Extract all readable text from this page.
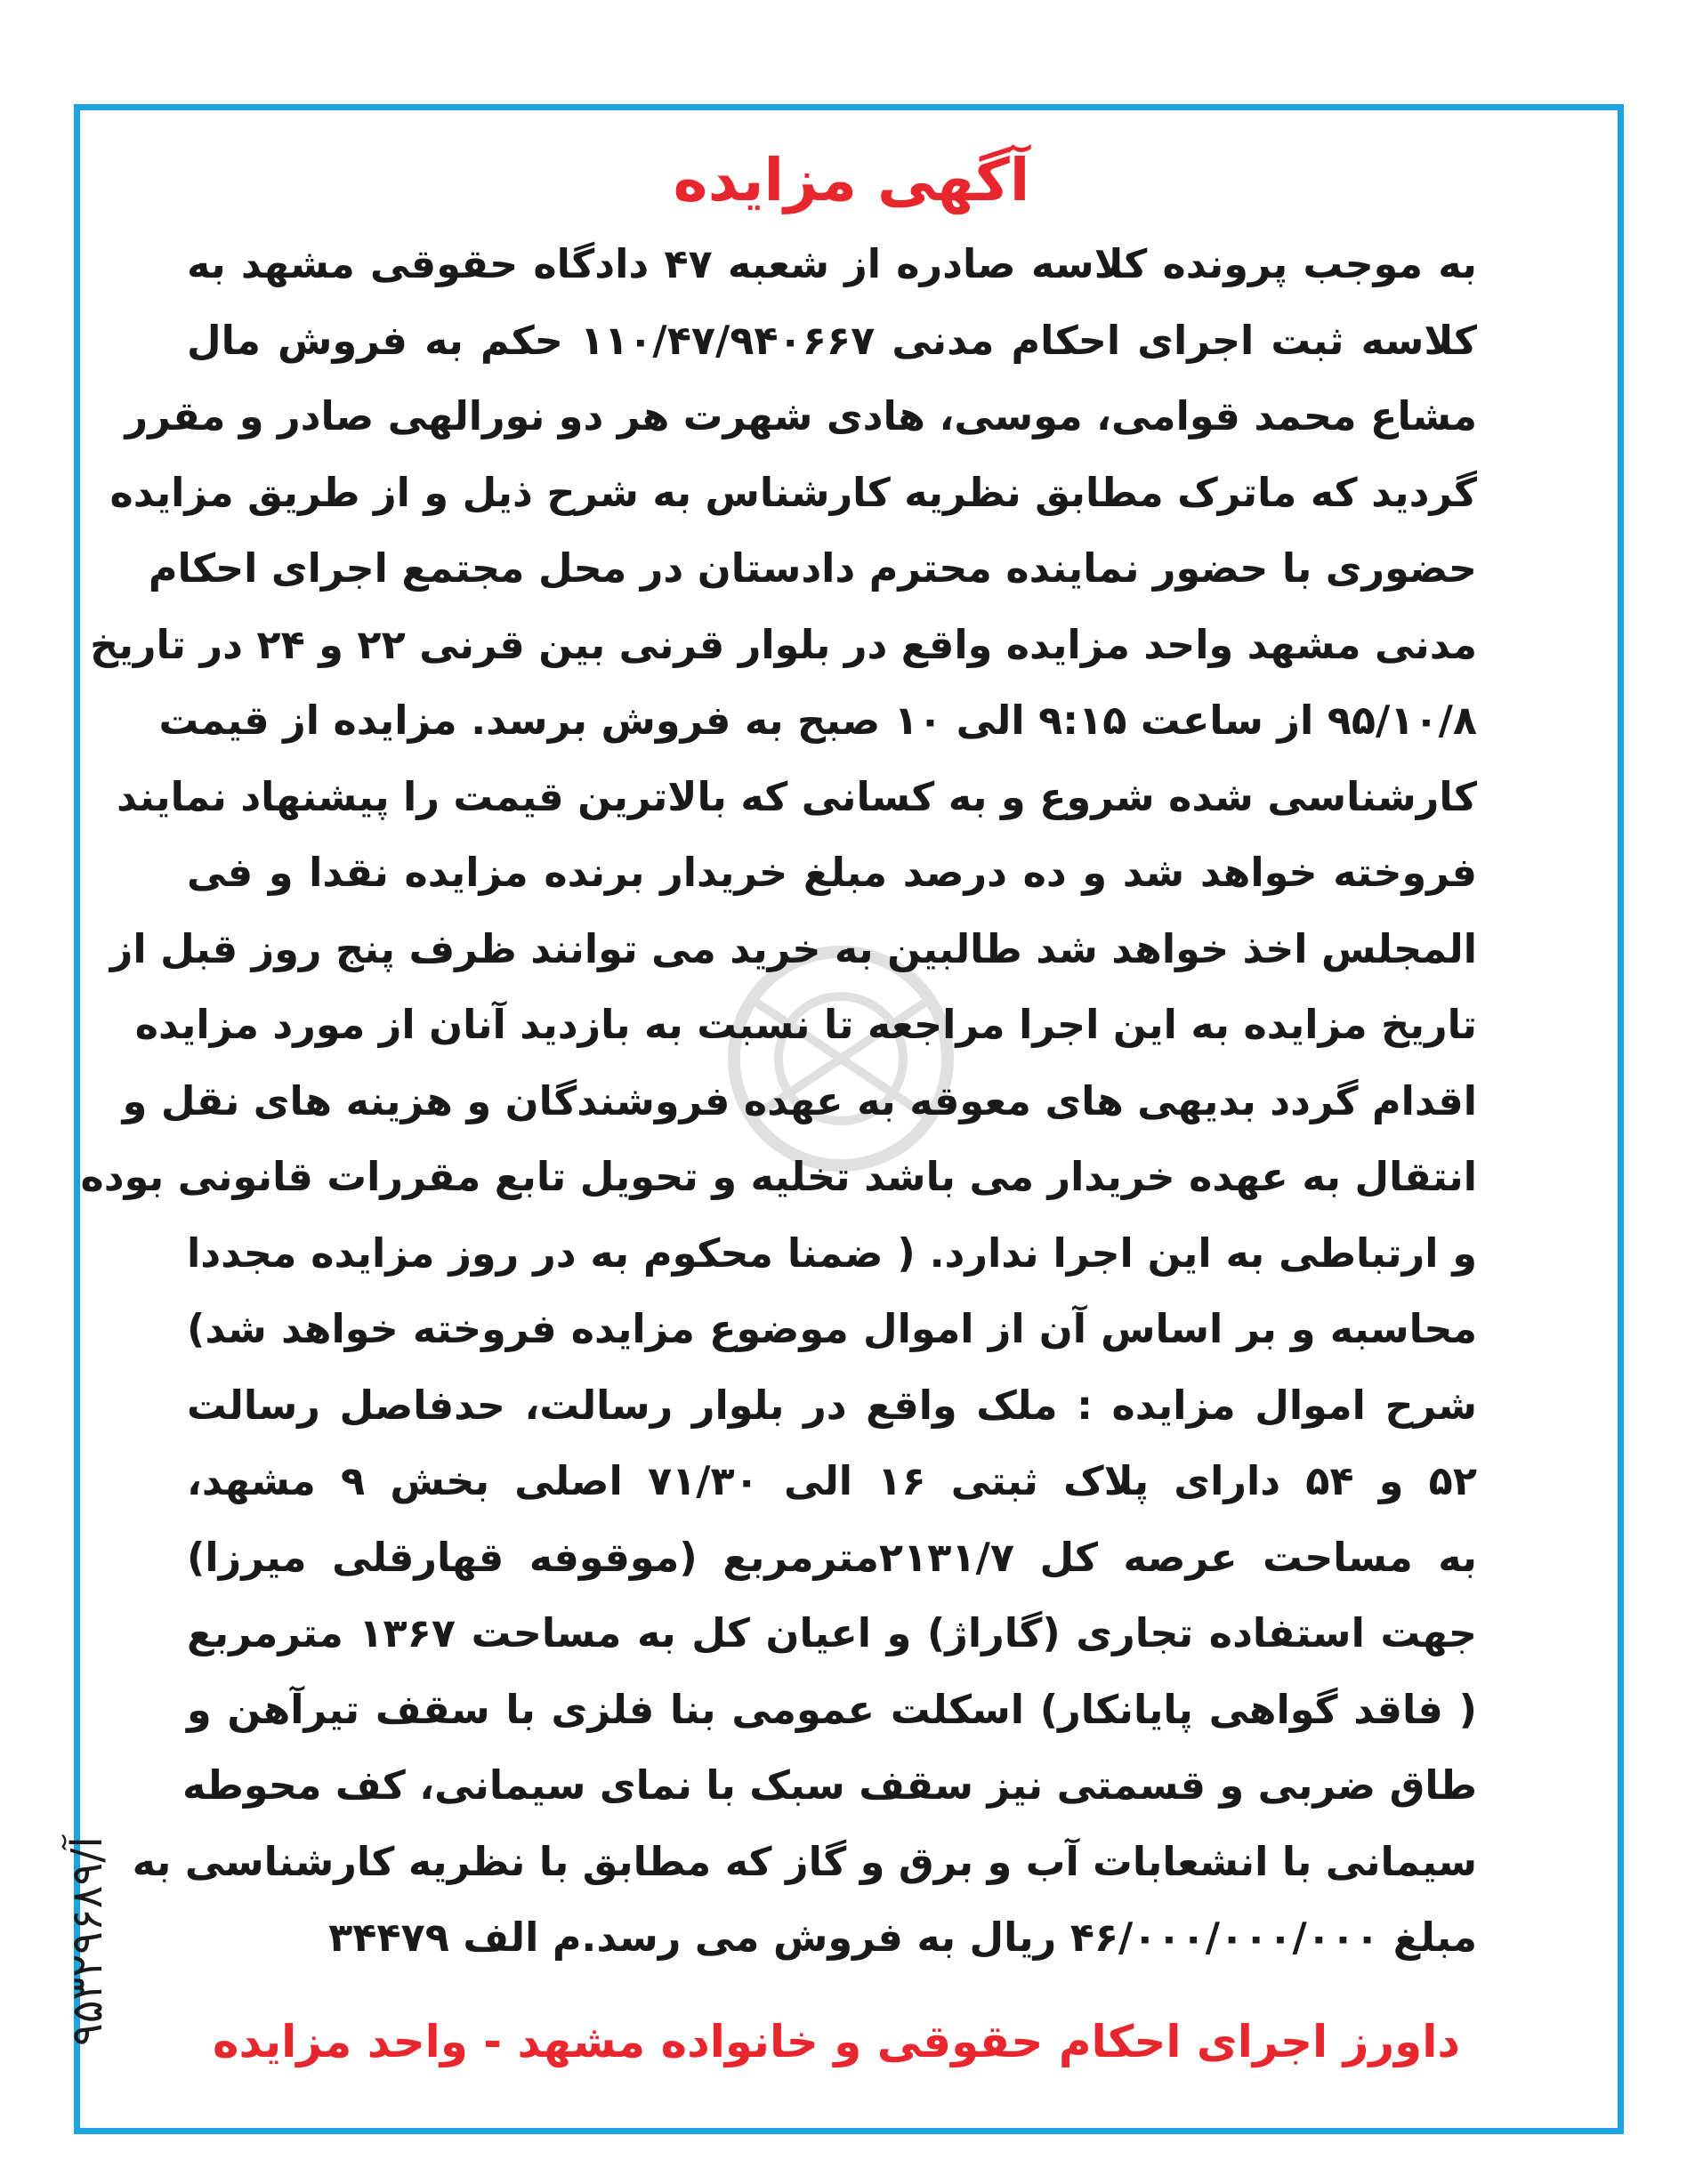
آگهی مزایده
به موجب پرونده کلاسه صادره از شعبه ۴۷ دادگاه حقوقی مشهد به
کلاسه ثبت اجرای احکام مدنی ۱۱۰/۴۷/۹۴۰۶۶۷ حکم به فروش مال
مشاع محمد قوامی، موسی، هادی شهرت هر دو نورالهی صادر و مقرر
گردید که ماترک مطابق نظریه کارشناس به شرح ذیل و از طریق مزایده
حضوری با حضور نماینده محترم دادستان در محل مجتمع اجرای احکام
مدنی مشهد واحد مزایده واقع در بلوار قرنی بین قرنی ۲۲ و ۲۴ در تاریخ
۹۵/۱۰/۸ از ساعت ۹:۱۵ الی ۱۰ صبح به فروش برسد. مزایده از قیمت
کارشناسی شده شروع و به کسانی که بالاترین قیمت را پیشنهاد نمایند
فروخته خواهد شد و ده درصد مبلغ خریدار برنده مزایده نقدا و فی
المجلس اخذ خواهد شد طالبین به خرید می توانند ظرف پنج روز قبل از
تاریخ مزایده به این اجرا مراجعه تا نسبت به بازدید آنان از مورد مزایده
اقدام گردد بدیهی های معوقه به عهده فروشندگان و هزینه های نقل و
انتقال به عهده خریدار می باشد تخلیه و تحویل تابع مقررات قانونی بوده
و ارتباطی به این اجرا ندارد. ( ضمنا محکوم به در روز مزایده مجددا
محاسبه و بر اساس آن از اموال موضوع مزایده فروخته خواهد شد)
شرح اموال مزایده : ملک واقع در بلوار رسالت، حدفاصل رسالت
۵۲ و ۵۴ دارای پلاک ثبتی ۱۶ الی ۷۱/۳۰ اصلی بخش ۹ مشهد،
به مساحت عرصه کل ۲۱۳۱/۷مترمربع (موقوفه قهارقلی میرزا)
جهت استفاده تجاری (گاراژ) و اعیان کل به مساحت ۱۳۶۷ مترمربع
( فاقد گواهی پایانکار) اسکلت عمومی بنا فلزی با سقف تیرآهن و
طاق ضربی و قسمتی نیز سقف سبک با نمای سیمانی، کف محوطه
سیمانی با انشعابات آب و برق و گاز که مطابق با نظریه کارشناسی به
مبلغ ۴۶/۰۰۰/۰۰۰/۰۰۰ ریال به فروش می رسد.م الف ۳۴۴۷۹
داورز اجرای احکام حقوقی و خانواده مشهد - واحد مزایده
آ/۹۵۳۲۹۶۸۹
